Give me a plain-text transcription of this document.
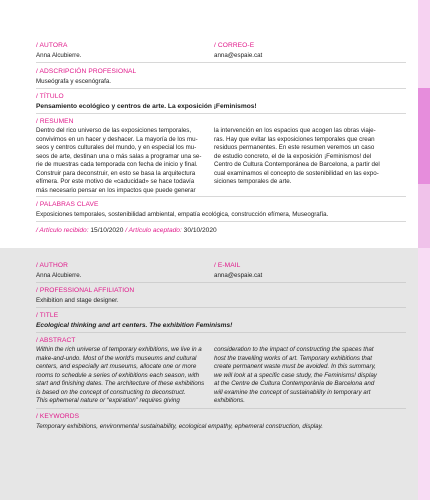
/ AUTORA
Anna Alcubierre.
/ CORREO-E
anna@espaie.cat
/ ADSCRIPCIÓN PROFESIONAL
Museógrafa y escenógrafa.
/ TÍTULO
Pensamiento ecológico y centros de arte. La exposición ¡Feminismos!
/ RESUMEN

Dentro del rico universo de las exposiciones temporales,

convivimos en un hacer y deshacer. La mayoría de los mu-

seos y centros culturales del mundo, y en especial los mu-

seos de arte, destinan una o más salas a programar una se-

rie de muestras cada temporada con fecha de inicio y final.

Construir para deconstruir, en esto se basa la arquitectura

efímera. Por este motivo de «caducidad» se hace todavía

más necesario pensar en los impactos que puede generar

la intervención en los espacios que acogen las obras viaje-

ras. Hay que evitar las exposiciones temporales que crean

residuos permanentes. En este resumen veremos un caso

de estudio concreto, el de la exposición ¡Feminismos! del

Centro de Cultura Contemporánea de Barcelona, a partir del

cual examinamos el concepto de sostenibilidad en las expo-

siciones temporales de arte.

/ PALABRAS CLAVE
Exposiciones temporales, sostenibilidad ambiental, empatía ecológica, construcción efímera, Museografía.
/ Artículo recibido: 15/10/2020 / Artículo aceptado: 30/10/2020
/ AUTHOR
Anna Alcubierre.
/ E-MAIL
anna@espaie.cat
/ PROFESSIONAL AFFILIATION
Exhibition and stage designer.
/ TITLE
Ecological thinking and art centers. The exhibition Feminisms!
/ ABSTRACT

Within the rich universe of temporary exhibitions, we live in a

make-and-undo. Most of the world's museums and cultural

centers, and especially art museums, allocate one or more

rooms to schedule a series of exhibitions each season, with

start and finishing dates. The architecture of these exhibitions

is based on the concept of constructing to deconstruct.

This ephemeral nature or “expiration” requires giving

consideration to the impact of constructing the spaces that

host the travelling works of art. Temporary exhibitions that

create permanent waste must be avoided. In this summary,

we will look at a specific case study, the Feminisms! display

at the Centre de Cultura Contemporània de Barcelona and

will examine the concept of sustainability in temporary art

exhibitions.

/ KEYWORDS
Temporary exhibitions, environmental sustainability, ecological empathy, ephemeral construction, display.
